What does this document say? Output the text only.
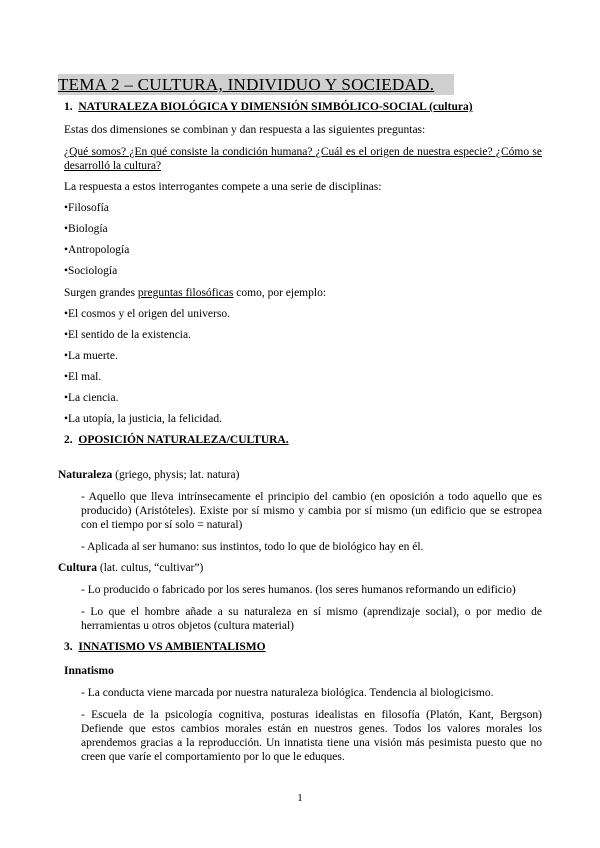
TEMA 2 – CULTURA, INDIVIDUO Y SOCIEDAD.
1. NATURALEZA BIOLÓGICA Y DIMENSIÓN SIMBÓLICO-SOCIAL (cultura)
Estas dos dimensiones se combinan y dan respuesta a las siguientes preguntas:
¿Qué somos? ¿En qué consiste la condición humana? ¿Cuál es el origen de nuestra especie? ¿Cómo se desarrolló la cultura?
La respuesta a estos interrogantes compete a una serie de disciplinas:
•Filosofía
•Biología
•Antropología
•Sociología
Surgen grandes preguntas filosóficas como, por ejemplo:
•El cosmos y el origen del universo.
•El sentido de la existencia.
•La muerte.
•El mal.
•La ciencia.
•La utopía, la justicia, la felicidad.
2. OPOSICIÓN NATURALEZA/CULTURA.
Naturaleza (griego, physis; lat. natura)
- Aquello que lleva intrínsecamente el principio del cambio (en oposición a todo aquello que es producido) (Aristóteles). Existe por sí mismo y cambia por sí mismo (un edificio que se estropea con el tiempo por sí solo = natural)
- Aplicada al ser humano: sus instintos, todo lo que de biológico hay en él.
Cultura (lat. cultus, “cultivar”)
- Lo producido o fabricado por los seres humanos. (los seres humanos reformando un edificio)
- Lo que el hombre añade a su naturaleza en sí mismo (aprendizaje social), o por medio de herramientas u otros objetos (cultura material)
3. INNATISMO VS AMBIENTALISMO
Innatismo
- La conducta viene marcada por nuestra naturaleza biológica. Tendencia al biologicismo.
- Escuela de la psicología cognitiva, posturas idealistas en filosofía (Platón, Kant, Bergson) Defiende que estos cambios morales están en nuestros genes. Todos los valores morales los aprendemos gracias a la reproducción. Un innatista tiene una visión más pesimista puesto que no creen que varíe el comportamiento por lo que le eduques.
1
